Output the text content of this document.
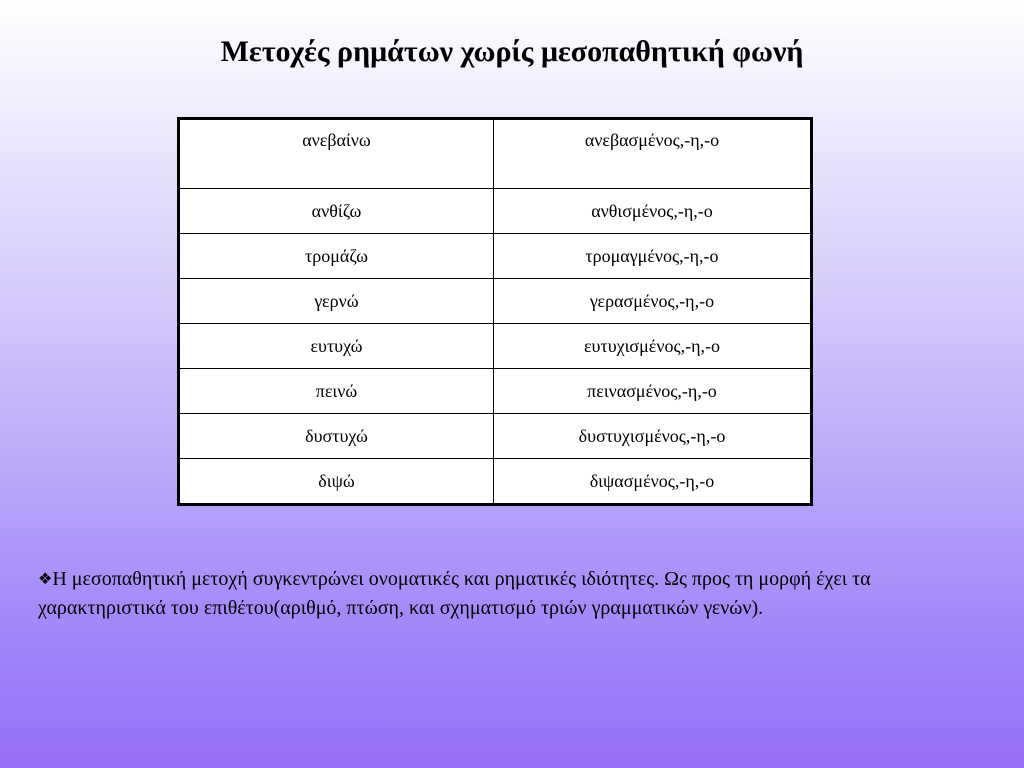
Μετοχές ρημάτων χωρίς μεσοπαθητική φωνή
ανεβαίνω	ανεβασμένος,-η,-ο
ανθίζω	ανθισμένος,-η,-ο
τρομάζω	τρομαγμένος,-η,-ο
γερνώ	γερασμένος,-η,-ο
ευτυχώ	ευτυχισμένος,-η,-ο
πεινώ	πεινασμένος,-η,-ο
δυστυχώ	δυστυχισμένος,-η,-ο
διψώ	διψασμένος,-η,-ο

❖Η μεσοπαθητική μετοχή συγκεντρώνει ονοματικές και ρηματικές ιδιότητες. Ως προς τη μορφή έχει τα χαρακτηριστικά του επιθέτου(αριθμό, πτώση, και σχηματισμό τριών γραμματικών γενών).
